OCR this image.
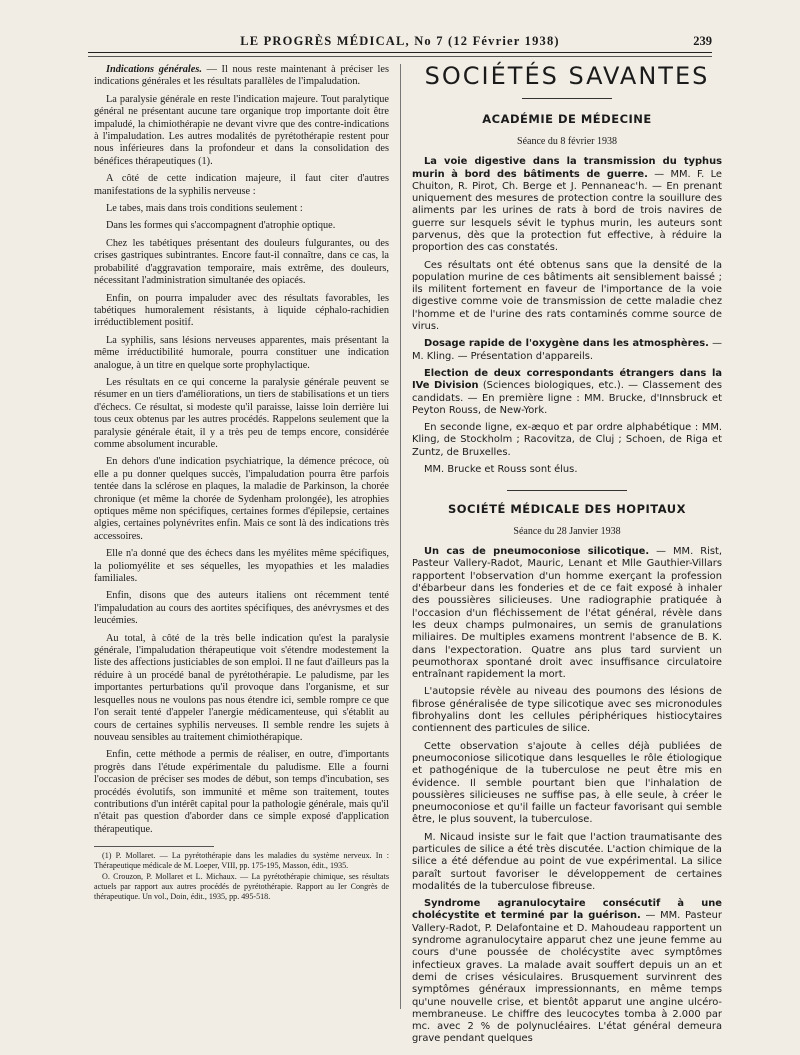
LE PROGRÈS MÉDICAL, No 7 (12 Février 1938)	239

Indications générales. — Il nous reste maintenant à préciser les indications générales et les résultats parallèles de l'impaludation.

La paralysie générale en reste l'indication majeure. Tout paralytique général ne présentant aucune tare organique trop importante doit être impaludé, la chimiothérapie ne devant vivre que des contre-indications à l'impaludation. Les autres modalités de pyrétothérapie restent pour nous inférieures dans la profondeur et dans la consolidation des bénéfices thérapeutiques (1).

A côté de cette indication majeure, il faut citer d'autres manifestations de la syphilis nerveuse :

Le tabes, mais dans trois conditions seulement :

Dans les formes qui s'accompagnent d'atrophie optique.

Chez les tabétiques présentant des douleurs fulgurantes, ou des crises gastriques subintrantes. Encore faut-il connaître, dans ce cas, la probabilité d'aggravation temporaire, mais extrême, des douleurs, nécessitant l'administration simultanée des opiacés.

Enfin, on pourra impaluder avec des résultats favorables, les tabétiques humoralement résistants, à liquide céphalo-rachidien irréductiblement positif.

La syphilis, sans lésions nerveuses apparentes, mais présentant la même irréductibilité humorale, pourra constituer une indication analogue, à un titre en quelque sorte prophylactique.

Les résultats en ce qui concerne la paralysie générale peuvent se résumer en un tiers d'améliorations, un tiers de stabilisations et un tiers d'échecs. Ce résultat, si modeste qu'il paraisse, laisse loin derrière lui tous ceux obtenus par les autres procédés. Rappelons seulement que la paralysie générale était, il y a très peu de temps encore, considérée comme absolument incurable.

En dehors d'une indication psychiatrique, la démence précoce, où elle a pu donner quelques succès, l'impaludation pourra être parfois tentée dans la sclérose en plaques, la maladie de Parkinson, la chorée chronique (et même la chorée de Sydenham prolongée), les atrophies optiques même non spécifiques, certaines formes d'épilepsie, certaines algies, certaines polynévrites enfin. Mais ce sont là des indications très accessoires.

Elle n'a donné que des échecs dans les myélites même spécifiques, la poliomyélite et ses séquelles, les myopathies et les maladies familiales.

Enfin, disons que des auteurs italiens ont récemment tenté l'impaludation au cours des aortites spécifiques, des anévrysmes et des leucémies.

Au total, à côté de la très belle indication qu'est la paralysie générale, l'impaludation thérapeutique voit s'étendre modestement la liste des affections justiciables de son emploi. Il ne faut d'ailleurs pas la réduire à un procédé banal de pyrétothérapie. Le paludisme, par les importantes perturbations qu'il provoque dans l'organisme, et sur lesquelles nous ne voulons pas nous étendre ici, semble rompre ce que l'on serait tenté d'appeler l'anergie médicamenteuse, qui s'établit au cours de certaines syphilis nerveuses. Il semble rendre les sujets à nouveau sensibles au traitement chimiothérapique.

Enfin, cette méthode a permis de réaliser, en outre, d'importants progrès dans l'étude expérimentale du paludisme. Elle a fourni l'occasion de préciser ses modes de début, son temps d'incubation, ses procédés évolutifs, son immunité et même son traitement, toutes contributions d'un intérêt capital pour la pathologie générale, mais qu'il n'était pas question d'aborder dans ce simple exposé d'application thérapeutique.

(1) P. Mollaret. — La pyrétothérapie dans les maladies du système nerveux. In : Thérapeutique médicale de M. Loeper, VIII, pp. 175-195, Masson, édit., 1935.

O. Crouzon, P. Mollaret et L. Michaux. — La pyrétothérapie chimique, ses résultats actuels par rapport aux autres procédés de pyrétothérapie. Rapport au Ier Congrès de thérapeutique. Un vol., Doin, édit., 1935, pp. 495-518.

SOCIÉTÉS SAVANTES
ACADÉMIE DE MÉDECINE
Séance du 8 février 1938

La voie digestive dans la transmission du typhus murin à bord des bâtiments de guerre. — MM. F. Le Chuiton, R. Pirot, Ch. Berge et J. Pennaneac'h. — En prenant uniquement des mesures de protection contre la souillure des aliments par les urines de rats à bord de trois navires de guerre sur lesquels sévit le typhus murin, les auteurs sont parvenus, dès que la protection fut effective, à réduire la proportion des cas constatés.

Ces résultats ont été obtenus sans que la densité de la population murine de ces bâtiments ait sensiblement baissé ; ils militent fortement en faveur de l'importance de la voie digestive comme voie de transmission de cette maladie chez l'homme et de l'urine des rats contaminés comme source de virus.

Dosage rapide de l'oxygène dans les atmosphères. — M. Kling. — Présentation d'appareils.

Election de deux correspondants étrangers dans la IVe Division (Sciences biologiques, etc.). — Classement des candidats. — En première ligne : MM. Brucke, d'Innsbruck et Peyton Rouss, de New-York.

En seconde ligne, ex-æquo et par ordre alphabétique : MM. Kling, de Stockholm ; Racovitza, de Cluj ; Schoen, de Riga et Zuntz, de Bruxelles.

MM. Brucke et Rouss sont élus.

SOCIÉTÉ MÉDICALE DES HOPITAUX
Séance du 28 Janvier 1938

Un cas de pneumoconiose silicotique. — MM. Rist, Pasteur Vallery-Radot, Mauric, Lenant et Mlle Gauthier-Villars rapportent l'observation d'un homme exerçant la profession d'ébarbeur dans les fonderies et de ce fait exposé à inhaler des poussières silicieuses. Une radiographie pratiquée à l'occasion d'un fléchissement de l'état général, révèle dans les deux champs pulmonaires, un semis de granulations miliaires. De multiples examens montrent l'absence de B. K. dans l'expectoration. Quatre ans plus tard survient un peumothorax spontané droit avec insuffisance circulatoire entraînant rapidement la mort.

L'autopsie révèle au niveau des poumons des lésions de fibrose généralisée de type silicotique avec ses micronodules fibrohyalins dont les cellules périphériques histiocytaires contiennent des particules de silice.

Cette observation s'ajoute à celles déjà publiées de pneumoconiose silicotique dans lesquelles le rôle étiologique et pathogénique de la tuberculose ne peut être mis en évidence. Il semble pourtant bien que l'inhalation de poussières silicieuses ne suffise pas, à elle seule, à créer le pneumoconiose et qu'il faille un facteur favorisant qui semble être, le plus souvent, la tuberculose.

M. Nicaud insiste sur le fait que l'action traumatisante des particules de silice a été très discutée. L'action chimique de la silice a été défendue au point de vue expérimental. La silice paraît surtout favoriser le développement de certaines modalités de la tuberculose fibreuse.

Syndrome agranulocytaire consécutif à une cholécystite et terminé par la guérison. — MM. Pasteur Vallery-Radot, P. Delafontaine et D. Mahoudeau rapportent un syndrome agranulocytaire apparut chez une jeune femme au cours d'une poussée de cholécystite avec symptômes infectieux graves. La malade avait souffert depuis un an et demi de crises vésiculaires. Brusquement survinrent des symptômes généraux impressionnants, en même temps qu'une nouvelle crise, et bientôt apparut une angine ulcéro-membraneuse. Le chiffre des leucocytes tomba à 2.000 par mc. avec 2 % de polynucléaires. L'état général demeura grave pendant quelques
